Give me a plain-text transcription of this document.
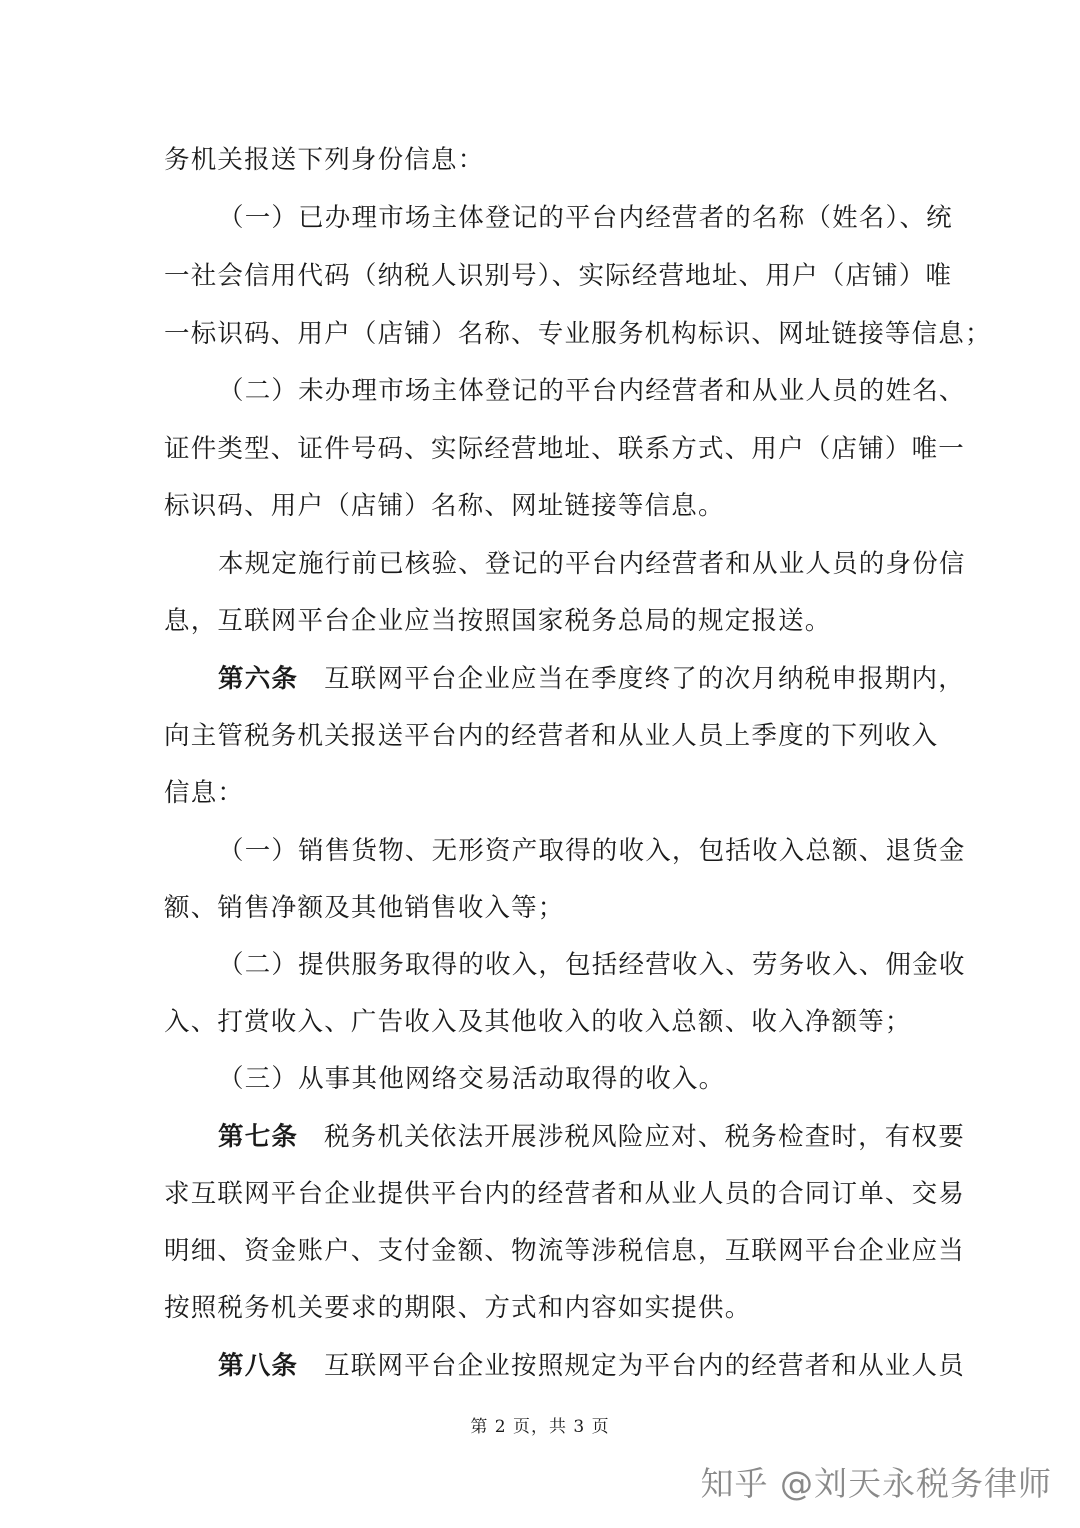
务机关报送下列身份信息：
（一）已办理市场主体登记的平台内经营者的名称（姓名）、统
一社会信用代码（纳税人识别号）、实际经营地址、用户（店铺）唯
一标识码、用户（店铺）名称、专业服务机构标识、网址链接等信息；
（二）未办理市场主体登记的平台内经营者和从业人员的姓名、
证件类型、证件号码、实际经营地址、联系方式、用户（店铺）唯一
标识码、用户（店铺）名称、网址链接等信息。
本规定施行前已核验、登记的平台内经营者和从业人员的身份信
息，互联网平台企业应当按照国家税务总局的规定报送。
第六条 互联网平台企业应当在季度终了的次月纳税申报期内，
向主管税务机关报送平台内的经营者和从业人员上季度的下列收入
信息：
（一）销售货物、无形资产取得的收入，包括收入总额、退货金
额、销售净额及其他销售收入等；
（二）提供服务取得的收入，包括经营收入、劳务收入、佣金收
入、打赏收入、广告收入及其他收入的收入总额、收入净额等；
（三）从事其他网络交易活动取得的收入。
第七条 税务机关依法开展涉税风险应对、税务检查时，有权要
求互联网平台企业提供平台内的经营者和从业人员的合同订单、交易
明细、资金账户、支付金额、物流等涉税信息，互联网平台企业应当
按照税务机关要求的期限、方式和内容如实提供。
第八条 互联网平台企业按照规定为平台内的经营者和从业人员
第 2 页，共 3 页
知乎 @刘天永税务律师
